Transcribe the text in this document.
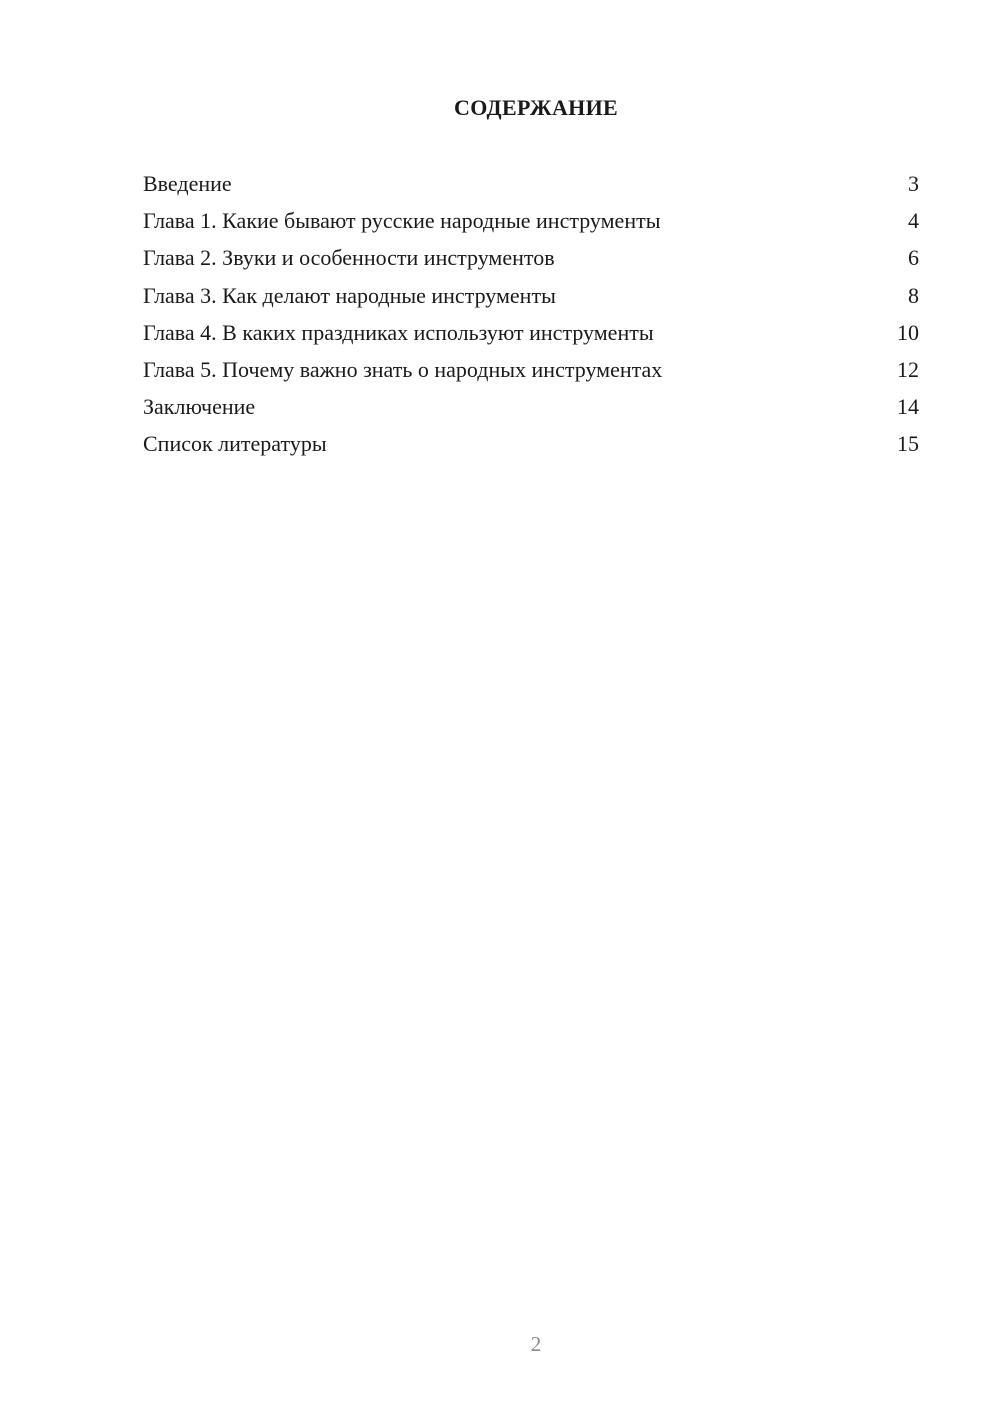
СОДЕРЖАНИЕ
Введение	3
Глава 1. Какие бывают русские народные инструменты	4
Глава 2. Звуки и особенности инструментов	6
Глава 3. Как делают народные инструменты	8
Глава 4. В каких праздниках используют инструменты	10
Глава 5. Почему важно знать о народных инструментах	12
Заключение	14
Список литературы	15
2
